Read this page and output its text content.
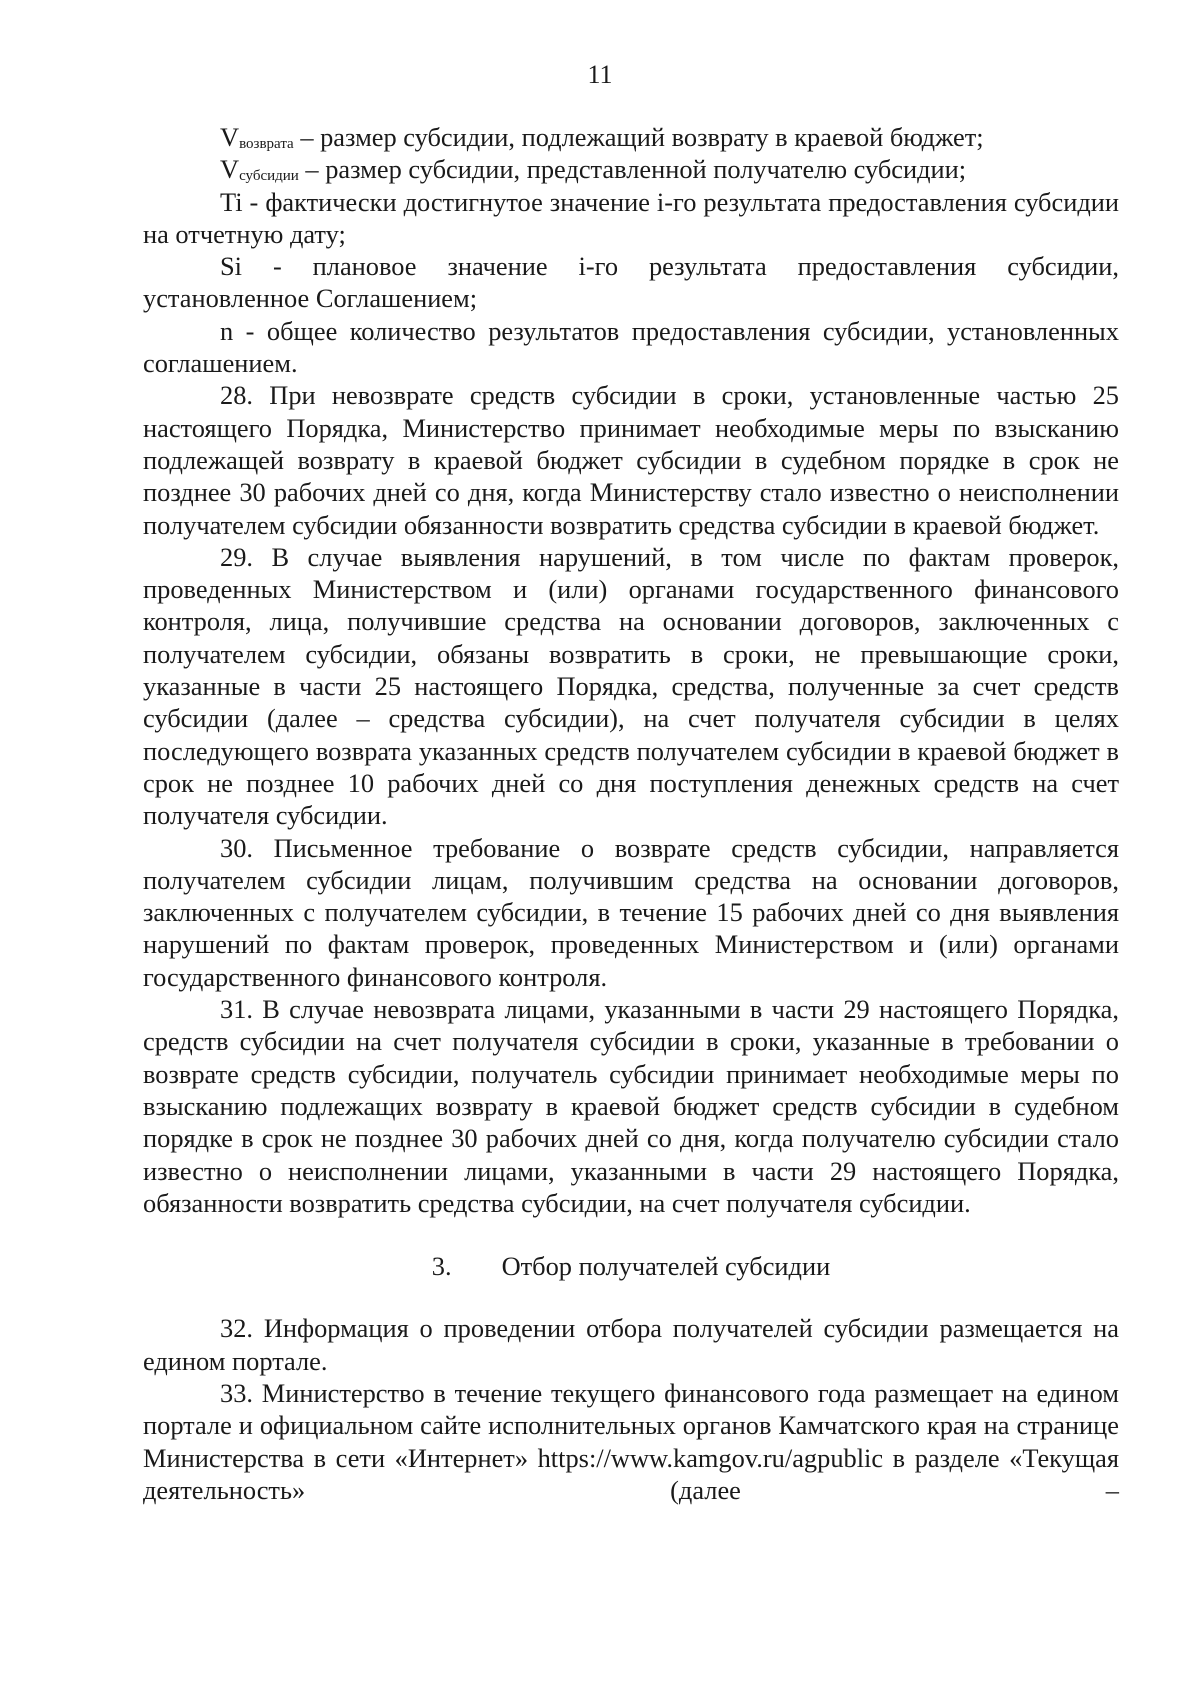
11

Vвозврата – размер субсидии, подлежащий возврату в краевой бюджет;

Vсубсидии – размер субсидии, представленной получателю субсидии;

Ti - фактически достигнутое значение i-го результата предоставления субсидии на отчетную дату;

Si - плановое значение i-го результата предоставления субсидии, установленное Соглашением;

n - общее количество результатов предоставления субсидии, установленных соглашением.

28. При невозврате средств субсидии в сроки, установленные частью 25 настоящего Порядка, Министерство принимает необходимые меры по взысканию подлежащей возврату в краевой бюджет субсидии в судебном порядке в срок не позднее 30 рабочих дней со дня, когда Министерству стало известно о неисполнении получателем субсидии обязанности возвратить средства субсидии в краевой бюджет.

29. В случае выявления нарушений, в том числе по фактам проверок, проведенных Министерством и (или) органами государственного финансового контроля, лица, получившие средства на основании договоров, заключенных с получателем субсидии, обязаны возвратить в сроки, не превышающие сроки, указанные в части 25 настоящего Порядка, средства, полученные за счет средств субсидии (далее – средства субсидии), на счет получателя субсидии в целях последующего возврата указанных средств получателем субсидии в краевой бюджет в срок не позднее 10 рабочих дней со дня поступления денежных средств на счет получателя субсидии.

30. Письменное требование о возврате средств субсидии, направляется получателем субсидии лицам, получившим средства на основании договоров, заключенных с получателем субсидии, в течение 15 рабочих дней со дня выявления нарушений по фактам проверок, проведенных Министерством и (или) органами государственного финансового контроля.

31. В случае невозврата лицами, указанными в части 29 настоящего Порядка, средств субсидии на счет получателя субсидии в сроки, указанные в требовании о возврате средств субсидии, получатель субсидии принимает необходимые меры по взысканию подлежащих возврату в краевой бюджет средств субсидии в судебном порядке в срок не позднее 30 рабочих дней со дня, когда получателю субсидии стало известно о неисполнении лицами, указанными в части 29 настоящего Порядка, обязанности возвратить средства субсидии, на счет получателя субсидии.

3. Отбор получателей субсидии

32. Информация о проведении отбора получателей субсидии размещается на едином портале.

33. Министерство в течение текущего финансового года размещает на едином портале и официальном сайте исполнительных органов Камчатского края на странице Министерства в сети «Интернет» https://www.kamgov.ru/agpublic в разделе «Текущая деятельность» (далее –
